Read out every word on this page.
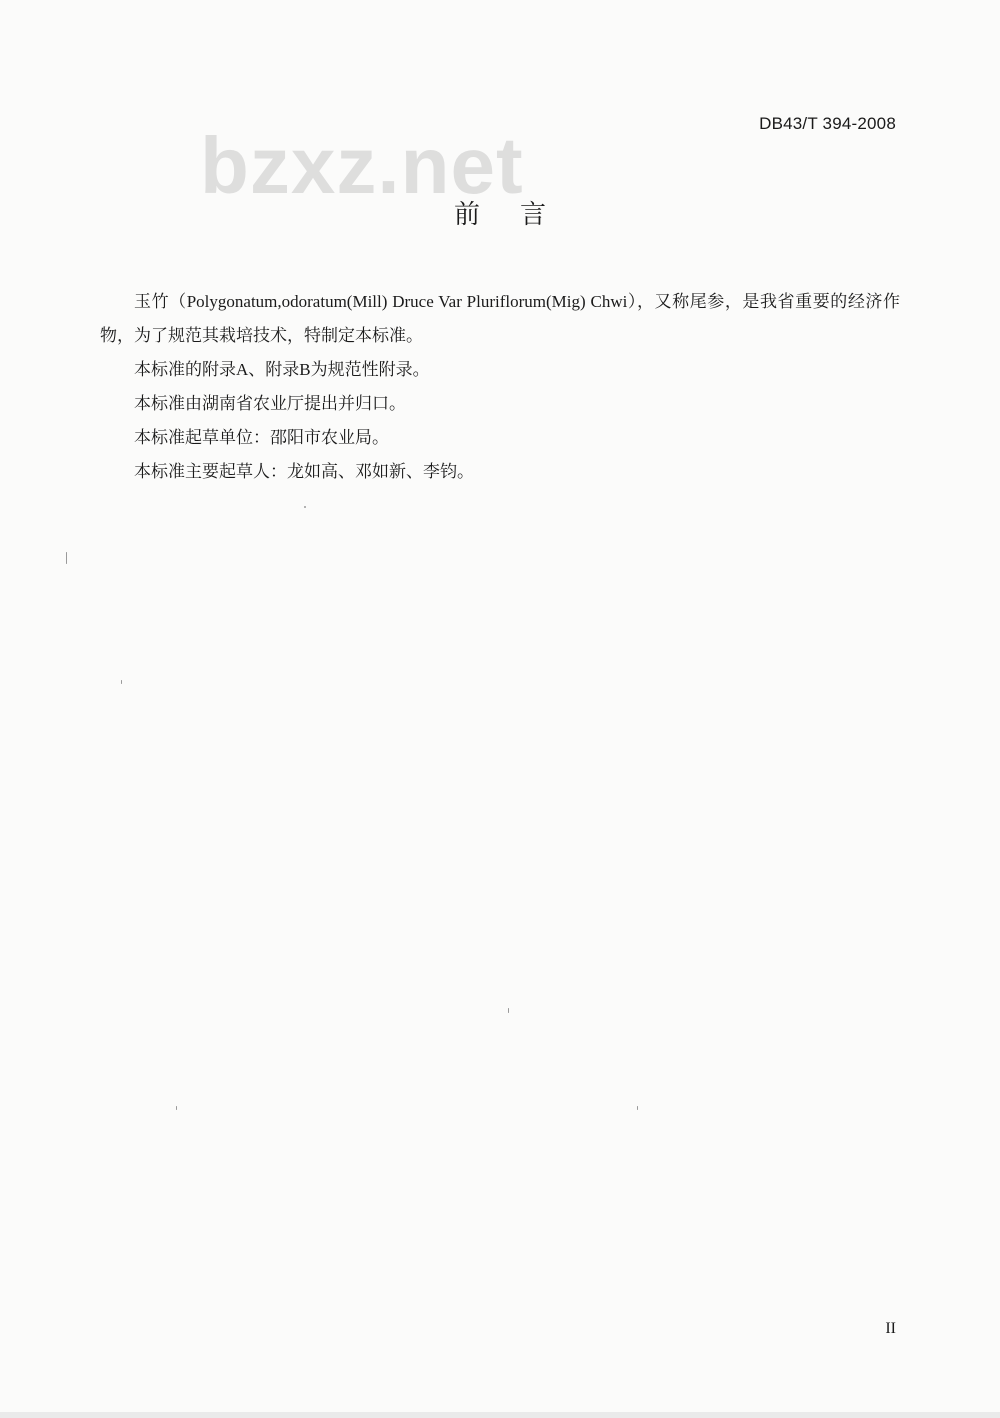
DB43/T 394-2008
bzxz.net
前言

玉竹（Polygonatum,odoratum(Mill) Druce Var Pluriflorum(Mig) Chwi），又称尾参，是我省重要的经济作物，为了规范其栽培技术，特制定本标准。

本标准的附录A、附录B为规范性附录。

本标准由湖南省农业厅提出并归口。

本标准起草单位：邵阳市农业局。

本标准主要起草人：龙如高、邓如新、李钧。

II
